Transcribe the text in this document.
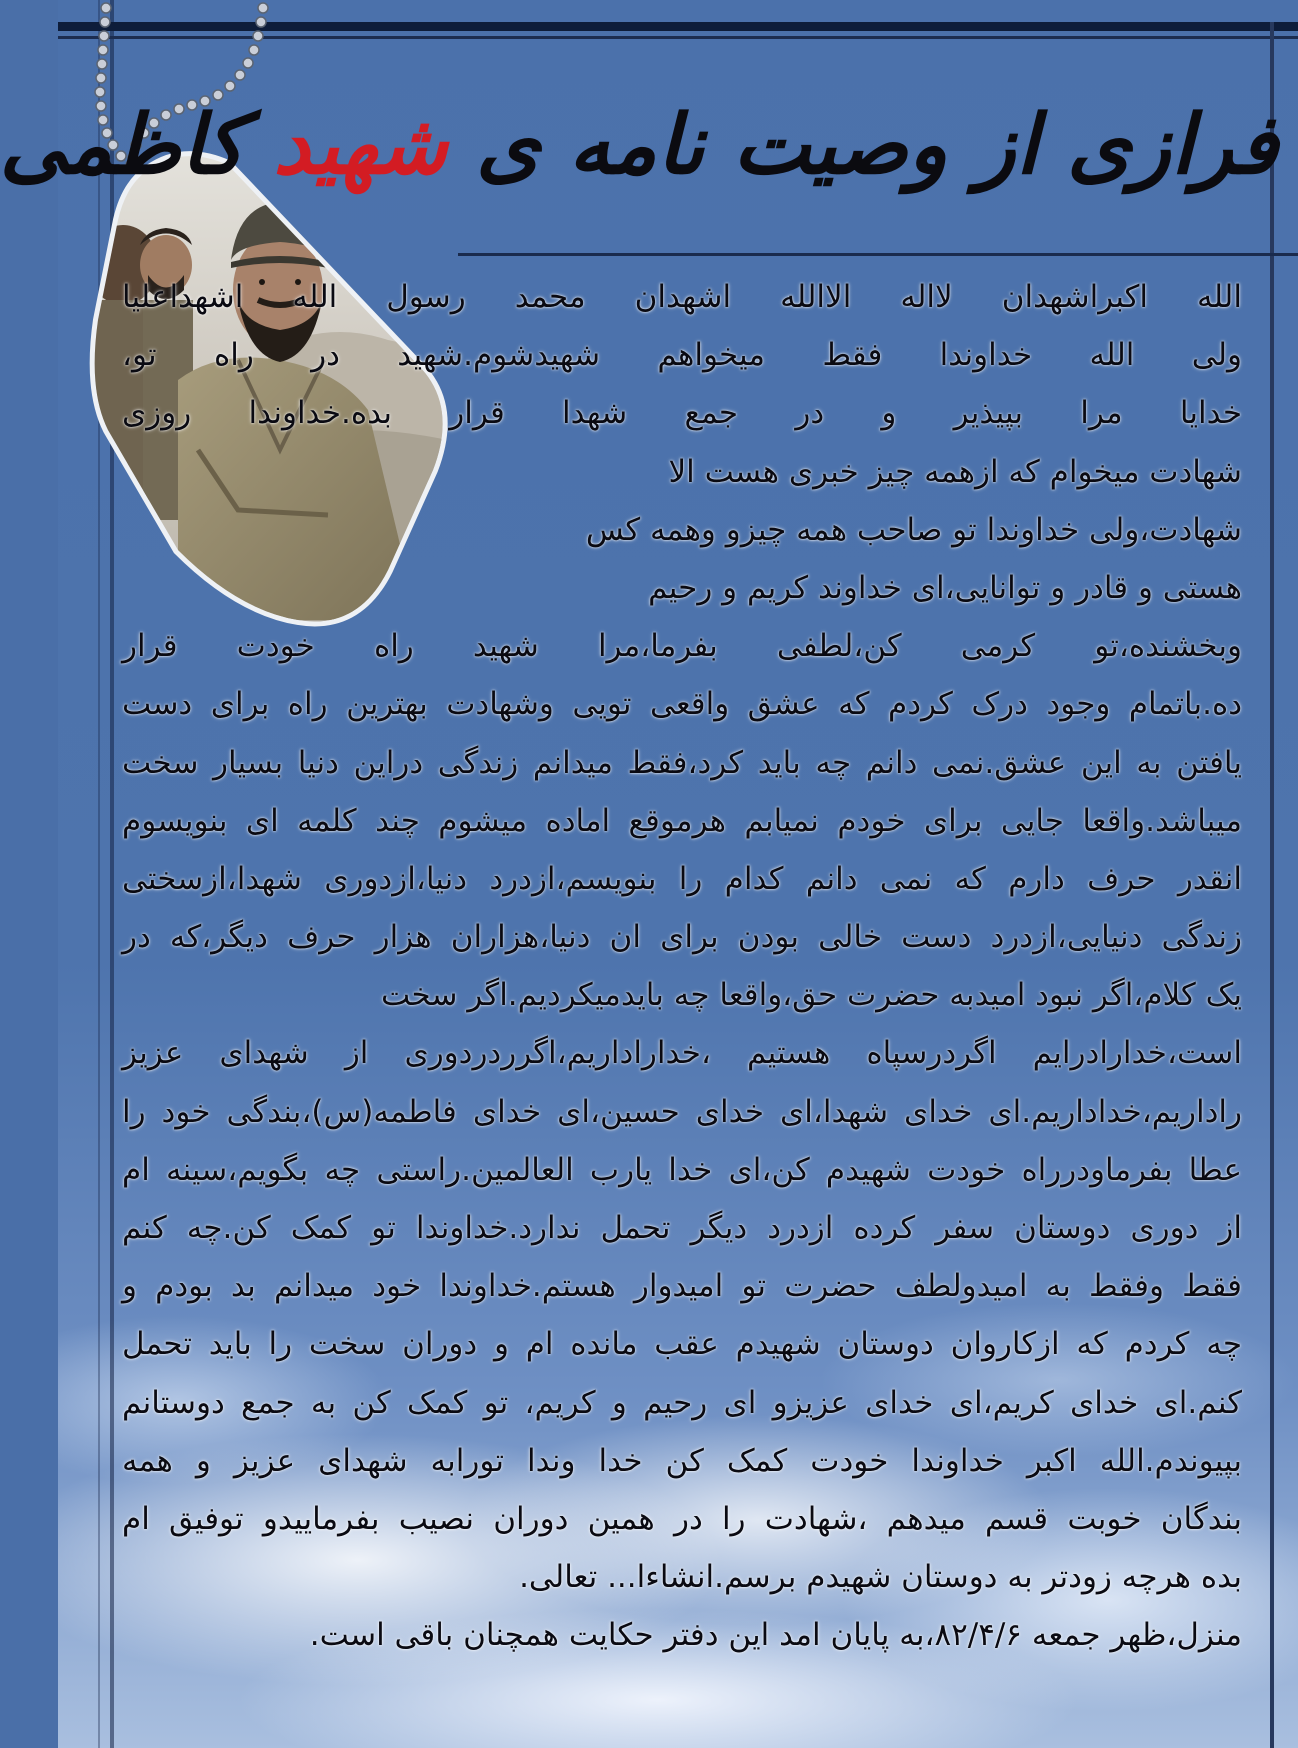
فرازی از وصیت نامه ی شهید کاظمی
الله اکبراشهدان لااله الاالله اشهدان محمد رسول الله اشهداعلیا
ولی الله خداوندا فقط میخواهم شهیدشوم.شهید در راه تو،
خدایا مرا بپیذیر و در جمع شهدا قرار بده.خداوندا روزی
شهادت میخوام که ازهمه چیز خبری هست الا
شهادت،ولی خداوندا تو صاحب همه چیزو وهمه کس
هستی و قادر و توانایی،ای خداوند کریم و رحیم
وبخشنده،تو کرمی کن،لطفی بفرما،مرا شهید راه خودت قرار
ده.باتمام وجود درک کردم که عشق واقعی تویی وشهادت بهترین راه برای دست
یافتن به این عشق.نمی دانم چه باید کرد،فقط میدانم زندگی دراین دنیا بسیار سخت
میباشد.واقعا جایی برای خودم نمیابم هرموقع اماده میشوم چند کلمه ای بنویسوم
انقدر حرف دارم که نمی دانم کدام را بنویسم،ازدرد دنیا،ازدوری شهدا،ازسختی
زندگی دنیایی،ازدرد دست خالی بودن برای ان دنیا،هزاران هزار حرف دیگر،که در
یک کلام،اگر نبود امیدبه حضرت حق،واقعا چه بایدمیکردیم.اگر سخت
است،خدارادرایم اگردرسپاه هستیم ،خداراداریم،اگرردردوری از شهدای عزیز
راداریم،خداداریم.ای خدای شهدا،ای خدای حسین،ای خدای فاطمه(س)،بندگی خود را
عطا بفرماودرراه خودت شهیدم کن،ای خدا یارب العالمین.راستی چه بگویم،سینه ام
از دوری دوستان سفر کرده ازدرد دیگر تحمل ندارد.خداوندا تو کمک کن.چه کنم
فقط وفقط به امیدولطف حضرت تو امیدوار هستم.خداوندا خود میدانم بد بودم و
چه کردم که ازکاروان دوستان شهیدم عقب مانده ام و دوران سخت را باید تحمل
کنم.ای خدای کریم،ای خدای عزیزو ای رحیم و کریم، تو کمک کن به جمع دوستانم
بپیوندم.الله اکبر خداوندا خودت کمک کن خدا وندا تورابه شهدای عزیز و همه
بندگان خوبت قسم میدهم ،شهادت را در همین دوران نصیب بفرماییدو توفیق ام
بده هرچه زودتر به دوستان شهیدم برسم.انشاءا... تعالی.
منزل،ظهر جمعه ۸۲/۴/۶،به پایان امد این دفتر حکایت همچنان باقی است.
